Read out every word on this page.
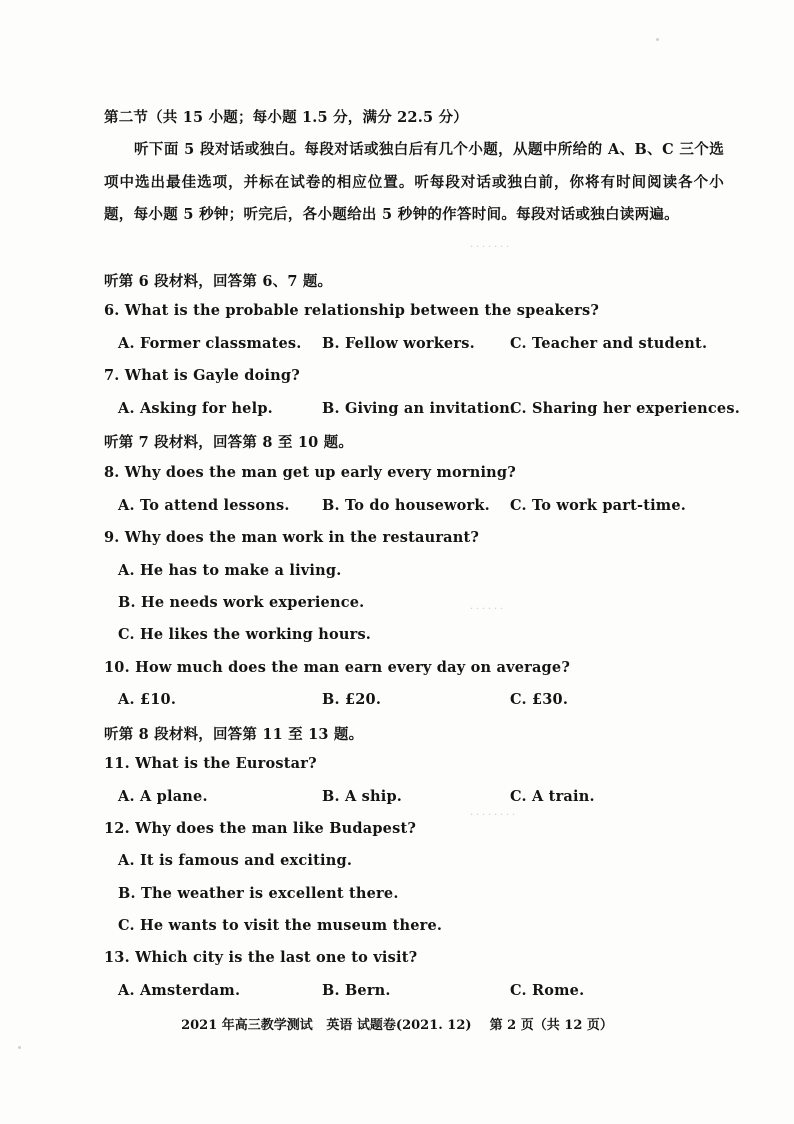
. . . . . . .
. . . . . .
. . . . . . . .
第二节（共 15 小题；每小题 1.5 分，满分 22.5 分）
听下面 5 段对话或独白。每段对话或独白后有几个小题，从题中所给的 A、B、C 三个选项中选出最佳选项，并标在试卷的相应位置。听每段对话或独白前，你将有时间阅读各个小题，每小题 5 秒钟；听完后，各小题给出 5 秒钟的作答时间。每段对话或独白读两遍。
听第 6 段材料，回答第 6、7 题。
6. What is the probable relationship between the speakers?
A. Former classmates. B. Fellow workers. C. Teacher and student.
7. What is Gayle doing?
A. Asking for help.	B. Giving an invitation.
C. Sharing her experiences.
听第 7 段材料，回答第 8 至 10 题。
8. Why does the man get up early every morning?
A. To attend lessons. B. To do housework. C. To work part-time.
9. Why does the man work in the restaurant?
A. He has to make a living.
B. He needs work experience.
C. He likes the working hours.
10. How much does the man earn every day on average?
A. £10.	B. £20.	C. £30.
听第 8 段材料，回答第 11 至 13 题。
11. What is the Eurostar?
A. A plane.	B. A ship.	C. A train.
12. Why does the man like Budapest?
A. It is famous and exciting.
B. The weather is excellent there.
C. He wants to visit the museum there.
13. Which city is the last one to visit?
A. Amsterdam.	B. Bern.	C. Rome.
2021 年高三教学测试 英语 试题卷(2021. 12) 第 2 页（共 12 页）
